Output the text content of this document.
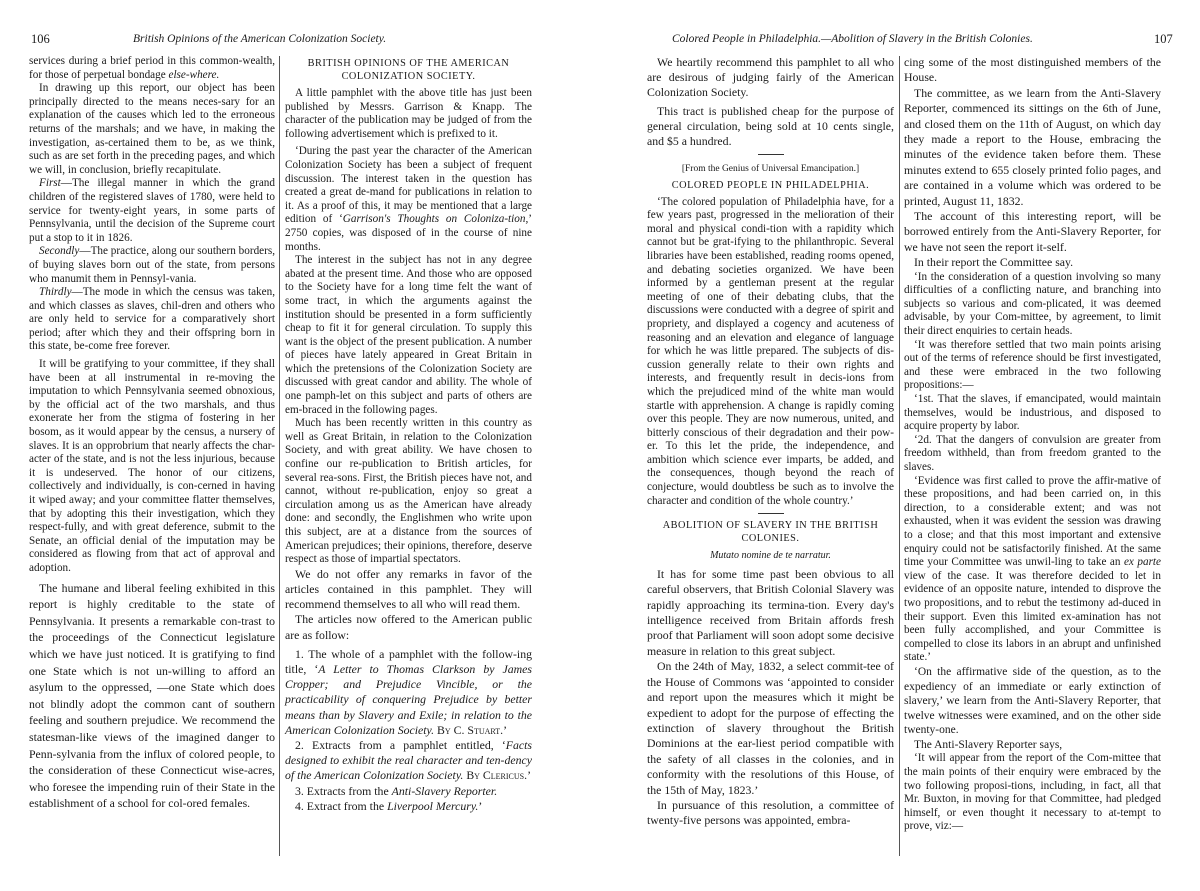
106	British Opinions of the American Colonization Society.

services during a brief period in this common-wealth, for those of perpetual bondage else-where.

In drawing up this report, our object has been principally directed to the means neces-sary for an explanation of the causes which led to the erroneous returns of the marshals; and we have, in making the investigation, as-certained them to be, as we think, such as are set forth in the preceding pages, and which we will, in conclusion, briefly recapitulate.

First—The illegal manner in which the grand children of the registered slaves of 1780, were held to service for twenty-eight years, in some parts of Pennsylvania, until the decision of the Supreme court put a stop to it in 1826.

Secondly—The practice, along our southern borders, of buying slaves born out of the state, from persons who manumit them in Pennsyl-vania.

Thirdly—The mode in which the census was taken, and which classes as slaves, chil-dren and others who are only held to service for a comparatively short period; after which they and their offspring born in this state, be-come free forever.

It will be gratifying to your committee, if they shall have been at all instrumental in re-moving the imputation to which Pennsylvania seemed obnoxious, by the official act of the two marshals, and thus exonerate her from the stigma of fostering in her bosom, as it would appear by the census, a nursery of slaves. It is an opprobrium that nearly affects the char-acter of the state, and is not the less injurious, because it is undeserved. The honor of our citizens, collectively and individually, is con-cerned in having it wiped away; and your committee flatter themselves, that by adopting this their investigation, which they respect-fully, and with great deference, submit to the Senate, an official denial of the imputation may be considered as flowing from that act of approval and adoption.

The humane and liberal feeling exhibited in this report is highly creditable to the state of Pennsylvania. It presents a remarkable con-trast to the proceedings of the Connecticut legislature which we have just noticed. It is gratifying to find one State which is not un-willing to afford an asylum to the oppressed, —one State which does not blindly adopt the common cant of southern feeling and southern prejudice. We recommend the statesman-like views of the imagined danger to Penn-sylvania from the influx of colored people, to the consideration of these Connecticut wise-acres, who foresee the impending ruin of their State in the establishment of a school for col-ored females.

BRITISH OPINIONS OF THE AMERICAN COLONIZATION SOCIETY.

A little pamphlet with the above title has just been published by Messrs. Garrison & Knapp. The character of the publication may be judged of from the following advertisement which is prefixed to it.

‘During the past year the character of the American Colonization Society has been a subject of frequent discussion. The interest taken in the question has created a great de-mand for publications in relation to it. As a proof of this, it may be mentioned that a large edition of ‘Garrison's Thoughts on Coloniza-tion,’ 2750 copies, was disposed of in the course of nine months.

The interest in the subject has not in any degree abated at the present time. And those who are opposed to the Society have for a long time felt the want of some tract, in which the arguments against the institution should be presented in a form sufficiently cheap to fit it for general circulation. To supply this want is the object of the present publication. A number of pieces have lately appeared in Great Britain in which the pretensions of the Colonization Society are discussed with great candor and ability. The whole of one pamph-let on this subject and parts of others are em-braced in the following pages.

Much has been recently written in this country as well as Great Britain, in relation to the Colonization Society, and with great ability. We have chosen to confine our re-publication to British articles, for several rea-sons. First, the British pieces have not, and cannot, without re-publication, enjoy so great a circulation among us as the American have already done: and secondly, the Englishmen who write upon this subject, are at a distance from the sources of American prejudices; their opinions, therefore, deserve respect as those of impartial spectators.

We do not offer any remarks in favor of the articles contained in this pamphlet. They will recommend themselves to all who will read them.

The articles now offered to the American public are as follow:

1. The whole of a pamphlet with the follow-ing title, ‘A Letter to Thomas Clarkson by James Cropper; and Prejudice Vincible, or the practicability of conquering Prejudice by better means than by Slavery and Exile; in relation to the American Colonization Society. By C. Stuart.’

2. Extracts from a pamphlet entitled, ‘Facts designed to exhibit the real character and ten-dency of the American Colonization Society. By Clericus.’

3. Extracts from the Anti-Slavery Reporter.

4. Extract from the Liverpool Mercury.’

Colored People in Philadelphia.—Abolition of Slavery in the British Colonies.	107

We heartily recommend this pamphlet to all who are desirous of judging fairly of the American Colonization Society.

This tract is published cheap for the purpose of general circulation, being sold at 10 cents single, and $5 a hundred.

[From the Genius of Universal Emancipation.]

COLORED PEOPLE IN PHILADELPHIA.

‘The colored population of Philadelphia have, for a few years past, progressed in the melioration of their moral and physical condi-tion with a rapidity which cannot but be grat-ifying to the philanthropic. Several libraries have been established, reading rooms opened, and debating societies organized. We have been informed by a gentleman present at the regular meeting of one of their debating clubs, that the discussions were conducted with a degree of spirit and propriety, and displayed a cogency and acuteness of reasoning and an elevation and elegance of language for which he was little prepared. The subjects of dis-cussion generally relate to their own rights and interests, and frequently result in decis-ions from which the prejudiced mind of the white man would startle with apprehension. A change is rapidly coming over this people. They are now numerous, united, and bitterly conscious of their degradation and their pow-er. To this let the pride, the independence, and ambition which science ever imparts, be added, and the consequences, though beyond the reach of conjecture, would doubtless be such as to involve the character and condition of the whole country.’

ABOLITION OF SLAVERY IN THE BRITISH COLONIES.

Mutato nomine de te narratur.

It has for some time past been obvious to all careful observers, that British Colonial Slavery was rapidly approaching its termina-tion. Every day's intelligence received from Britain affords fresh proof that Parliament will soon adopt some decisive measure in relation to this great subject.

On the 24th of May, 1832, a select commit-tee of the House of Commons was ‘appointed to consider and report upon the measures which it might be expedient to adopt for the purpose of effecting the extinction of slavery throughout the British Dominions at the ear-liest period compatible with the safety of all classes in the colonies, and in conformity with the resolutions of this House, of the 15th of May, 1823.’

In pursuance of this resolution, a committee of twenty-five persons was appointed, embra-

cing some of the most distinguished members of the House.

The committee, as we learn from the Anti-Slavery Reporter, commenced its sittings on the 6th of June, and closed them on the 11th of August, on which day they made a report to the House, embracing the minutes of the evidence taken before them. These minutes extend to 655 closely printed folio pages, and are contained in a volume which was ordered to be printed, August 11, 1832.

The account of this interesting report, will be borrowed entirely from the Anti-Slavery Reporter, for we have not seen the report it-self.

In their report the Committee say.

‘In the consideration of a question involving so many difficulties of a conflicting nature, and branching into subjects so various and com-plicated, it was deemed advisable, by your Com-mittee, by agreement, to limit their direct enquiries to certain heads.

‘It was therefore settled that two main points arising out of the terms of reference should be first investigated, and these were embraced in the two following propositions:—

‘1st. That the slaves, if emancipated, would maintain themselves, would be industrious, and disposed to acquire property by labor.

‘2d. That the dangers of convulsion are greater from freedom withheld, than from freedom granted to the slaves.

‘Evidence was first called to prove the affir-mative of these propositions, and had been carried on, in this direction, to a considerable extent; and was not exhausted, when it was evident the session was drawing to a close; and that this most important and extensive enquiry could not be satisfactorily finished. At the same time your Committee was unwil-ling to take an ex parte view of the case. It was therefore decided to let in evidence of an opposite nature, intended to disprove the two propositions, and to rebut the testimony ad-duced in their support. Even this limited ex-amination has not been fully accomplished, and your Committee is compelled to close its labors in an abrupt and unfinished state.’

‘On the affirmative side of the question, as to the expediency of an immediate or early extinction of slavery,’ we learn from the Anti-Slavery Reporter, that twelve witnesses were examined, and on the other side twenty-one.

The Anti-Slavery Reporter says,

‘It will appear from the report of the Com-mittee that the main points of their enquiry were embraced by the two following proposi-tions, including, in fact, all that Mr. Buxton, in moving for that Committee, had pledged himself, or even thought it necessary to at-tempt to prove, viz:—
